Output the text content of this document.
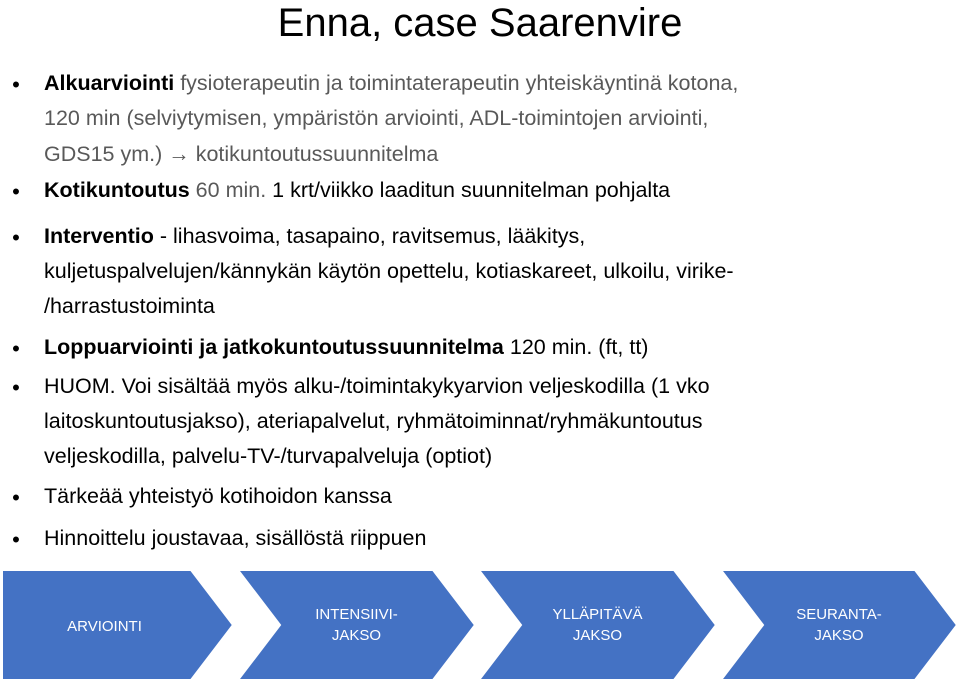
Enna, case Saarenvire
•	Alkuarviointi fysioterapeutin ja toimintaterapeutin yhteiskäyntinä kotona,
120 min (selviytymisen, ympäristön arviointi, ADL-toimintojen arviointi,
GDS15 ym.) → kotikuntoutussuunnitelma
•	Kotikuntoutus 60 min. 1 krt/viikko laaditun suunnitelman pohjalta
•	Interventio - lihasvoima, tasapaino, ravitsemus, lääkitys,
kuljetuspalvelujen/kännykän käytön opettelu, kotiaskareet, ulkoilu, virike-
/harrastustoiminta
•	Loppuarviointi ja jatkokuntoutussuunnitelma 120 min. (ft, tt)
•	HUOM. Voi sisältää myös alku-/toimintakykyarvion veljeskodilla (1 vko
laitoskuntoutusjakso), ateriapalvelut, ryhmätoiminnat/ryhmäkuntoutus
veljeskodilla, palvelu-TV-/turvapalveluja (optiot)
•	Tärkeää yhteistyö kotihoidon kanssa
•	Hinnoittelu joustavaa, sisällöstä riippuen
ARVIOINTI
INTENSIIVI-
JAKSO
YLLÄPITÄVÄ
JAKSO
SEURANTA-
JAKSO
